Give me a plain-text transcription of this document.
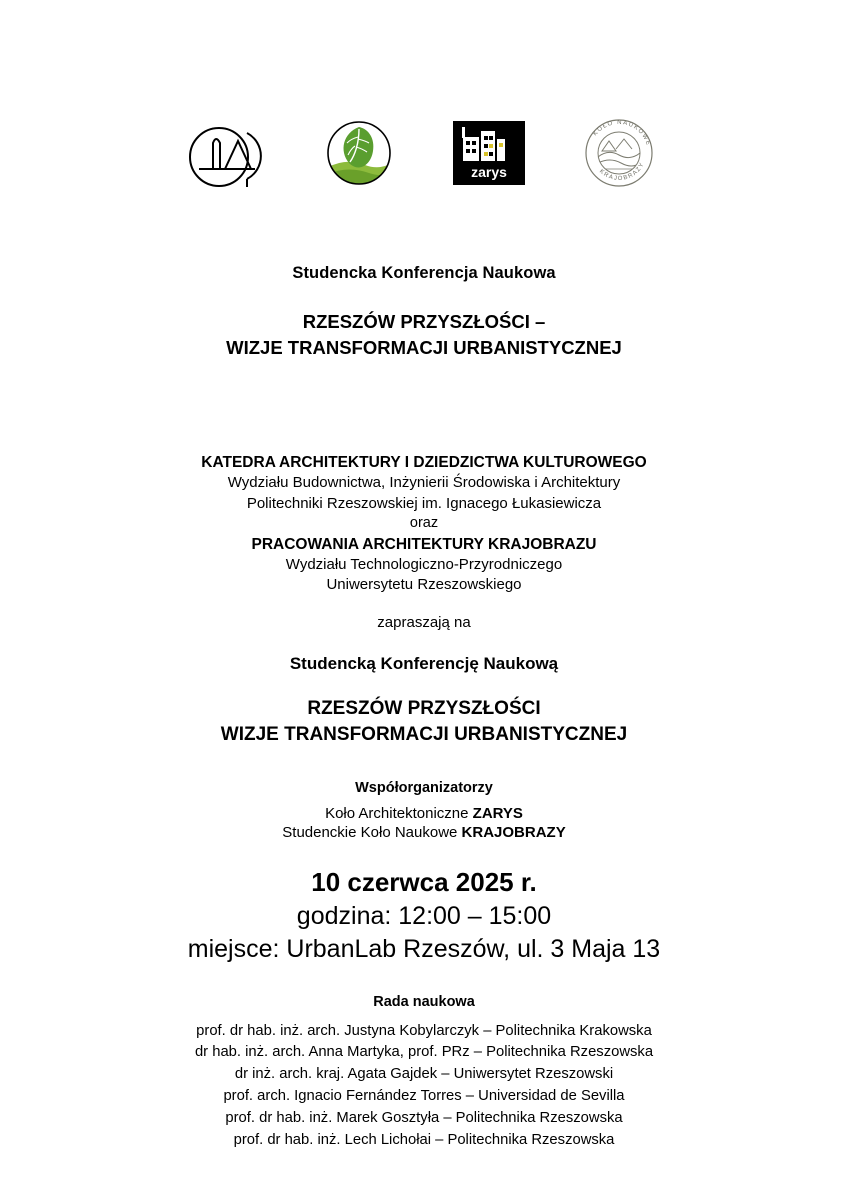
zarys
KOŁO NAUKOWE
KRAJOBRAZY
Studencka Konferencja Naukowa
RZESZÓW PRZYSZŁOŚCI –
WIZJE TRANSFORMACJI URBANISTYCZNEJ
KATEDRA ARCHITEKTURY I DZIEDZICTWA KULTUROWEGO
Wydziału Budownictwa, Inżynierii Środowiska i Architektury
Politechniki Rzeszowskiej im. Ignacego Łukasiewicza
oraz
PRACOWANIA ARCHITEKTURY KRAJOBRAZU
Wydziału Technologiczno-Przyrodniczego
Uniwersytetu Rzeszowskiego
zapraszają na
Studencką Konferencję Naukową
RZESZÓW PRZYSZŁOŚCI
WIZJE TRANSFORMACJI URBANISTYCZNEJ
Współorganizatorzy
Koło Architektoniczne ZARYS
Studenckie Koło Naukowe KRAJOBRAZY
10 czerwca 2025 r.
godzina: 12:00 – 15:00
miejsce: UrbanLab Rzeszów, ul. 3 Maja 13
Rada naukowa
prof. dr hab. inż. arch. Justyna Kobylarczyk – Politechnika Krakowska
dr hab. inż. arch. Anna Martyka, prof. PRz – Politechnika Rzeszowska
dr inż. arch. kraj. Agata Gajdek – Uniwersytet Rzeszowski
prof. arch. Ignacio Fernández Torres – Universidad de Sevilla
prof. dr hab. inż. Marek Gosztyła – Politechnika Rzeszowska
prof. dr hab. inż. Lech Lichołai – Politechnika Rzeszowska
